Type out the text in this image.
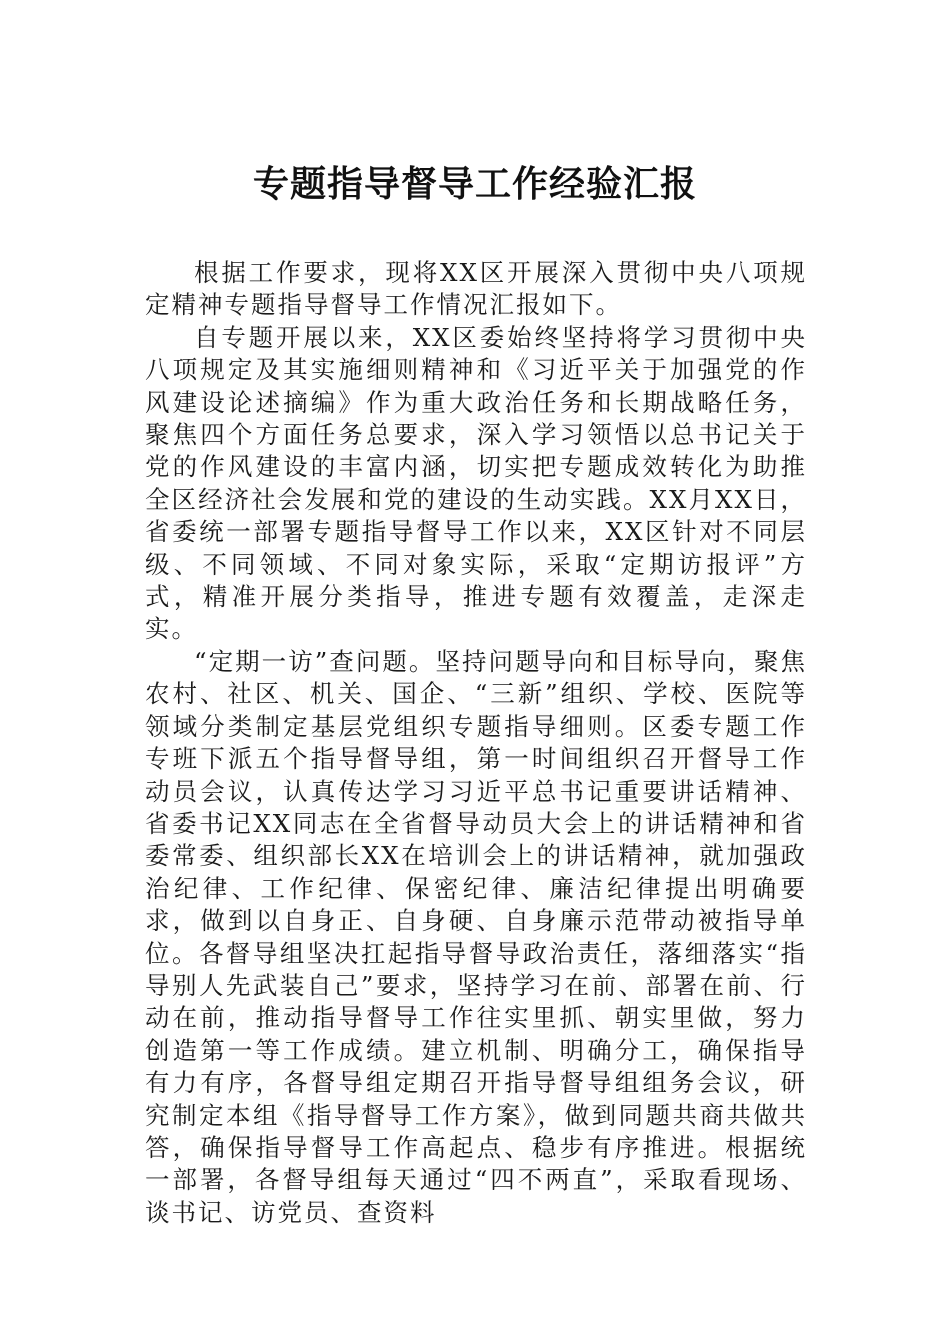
专题指导督导工作经验汇报

根据工作要求，现将XX区开展深入贯彻中央八项规定精神专题指导督导工作情况汇报如下。

自专题开展以来，XX区委始终坚持将学习贯彻中央八项规定及其实施细则精神和《习近平关于加强党的作风建设论述摘编》作为重大政治任务和长期战略任务，聚焦四个方面任务总要求，深入学习领悟以总书记关于党的作风建设的丰富内涵，切实把专题成效转化为助推全区经济社会发展和党的建设的生动实践。XX月XX日，省委统一部署专题指导督导工作以来，XX区针对不同层级、不同领域、不同对象实际，采取“定期访报评”方式，精准开展分类指导，推进专题有效覆盖，走深走实。

“定期一访”查问题。坚持问题导向和目标导向，聚焦农村、社区、机关、国企、“三新”组织、学校、医院等领域分类制定基层党组织专题指导细则。区委专题工作专班下派五个指导督导组，第一时间组织召开督导工作动员会议，认真传达学习习近平总书记重要讲话精神、省委书记XX同志在全省督导动员大会上的讲话精神和省委常委、组织部长XX在培训会上的讲话精神，就加强政治纪律、工作纪律、保密纪律、廉洁纪律提出明确要求，做到以自身正、自身硬、自身廉示范带动被指导单位。各督导组坚决扛起指导督导政治责任，落细落实“指导别人先武装自己”要求，坚持学习在前、部署在前、行动在前，推动指导督导工作往实里抓、朝实里做，努力创造第一等工作成绩。建立机制、明确分工，确保指导有力有序，各督导组定期召开指导督导组组务会议，研究制定本组《指导督导工作方案》，做到同题共商共做共答，确保指导督导工作高起点、稳步有序推进。根据统一部署，各督导组每天通过“四不两直”，采取看现场、谈书记、访党员、查资料
